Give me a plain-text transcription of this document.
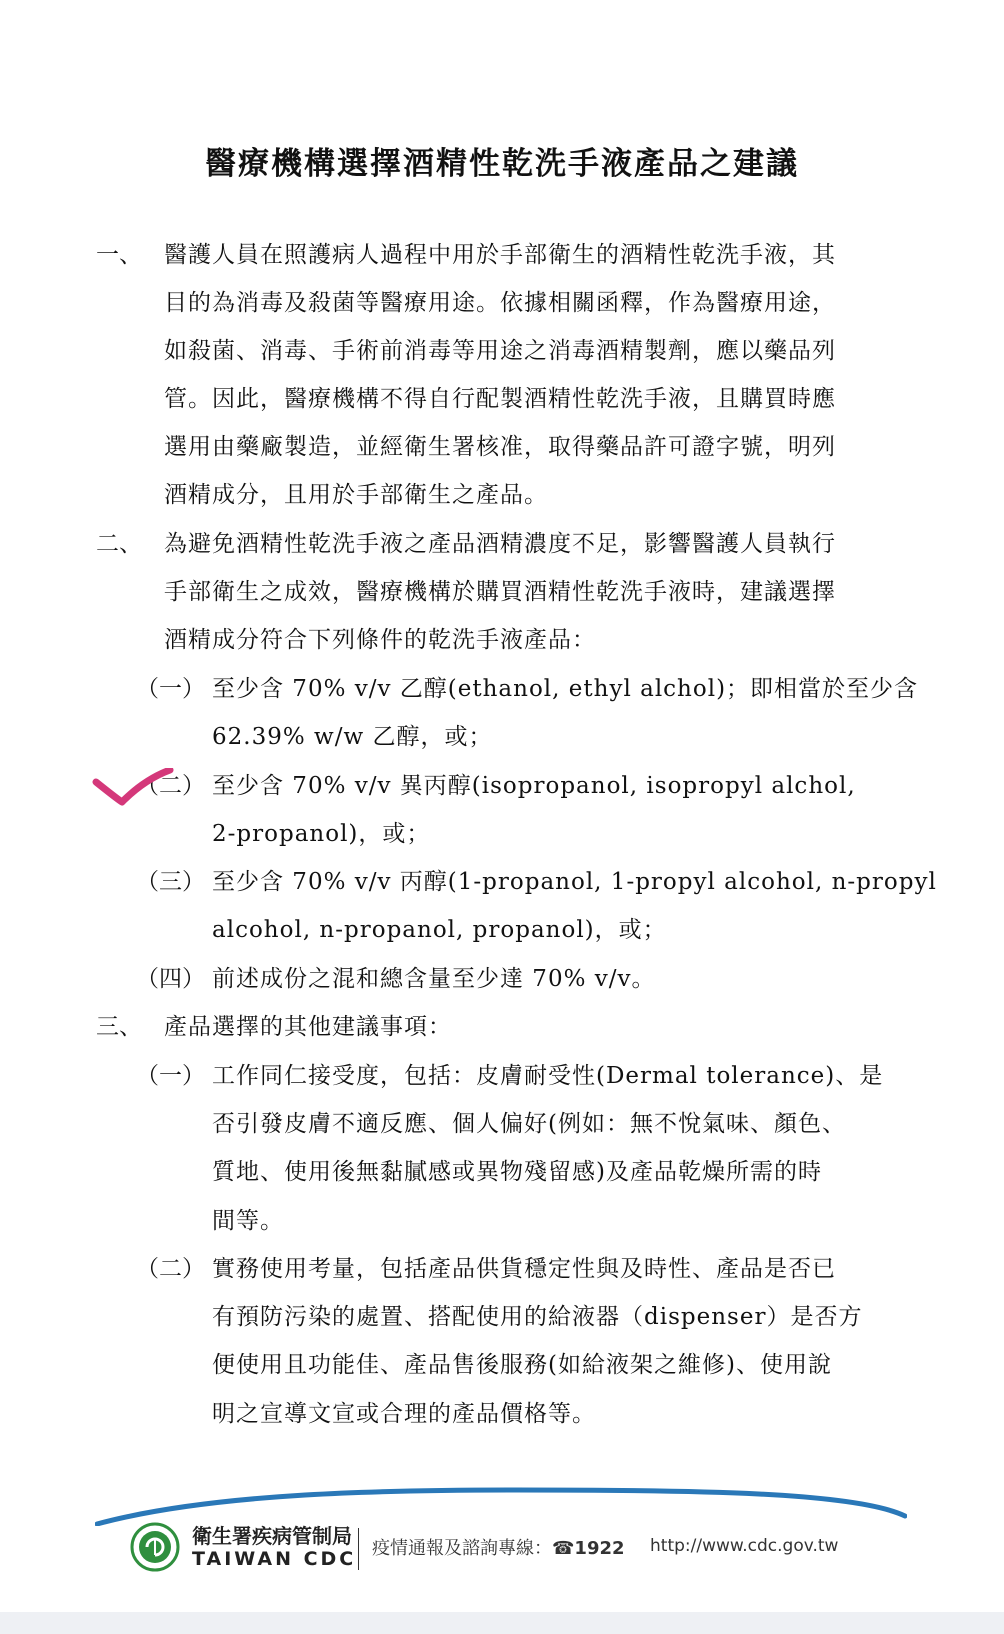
醫療機構選擇酒精性乾洗手液產品之建議
一、 醫護人員在照護病人過程中用於手部衛生的酒精性乾洗手液，其
目的為消毒及殺菌等醫療用途。依據相關函釋，作為醫療用途，
如殺菌、消毒、手術前消毒等用途之消毒酒精製劑，應以藥品列
管。因此，醫療機構不得自行配製酒精性乾洗手液，且購買時應
選用由藥廠製造，並經衛生署核准，取得藥品許可證字號，明列
酒精成分，且用於手部衛生之產品。
二、 為避免酒精性乾洗手液之產品酒精濃度不足，影響醫護人員執行
手部衛生之成效，醫療機構於購買酒精性乾洗手液時，建議選擇
酒精成分符合下列條件的乾洗手液產品：
（一） 至少含 70% v/v 乙醇(ethanol, ethyl alchol)；即相當於至少含
62.39% w/w 乙醇，或；
（二） 至少含 70% v/v 異丙醇(isopropanol, isopropyl alchol,
2-propanol)，或；
（三） 至少含 70% v/v 丙醇(1-propanol, 1-propyl alcohol, n-propyl
alcohol, n-propanol, propanol)，或；
（四） 前述成份之混和總含量至少達 70% v/v。
三、 產品選擇的其他建議事項：
（一） 工作同仁接受度，包括：皮膚耐受性(Dermal tolerance)、是
否引發皮膚不適反應、個人偏好(例如：無不悅氣味、顏色、
質地、使用後無黏膩感或異物殘留感)及產品乾燥所需的時
間等。
（二） 實務使用考量，包括產品供貨穩定性與及時性、產品是否已
有預防污染的處置、搭配使用的給液器（dispenser）是否方
便使用且功能佳、產品售後服務(如給液架之維修)、使用說
明之宣導文宣或合理的產品價格等。
衛生署疾病管制局
TAIWAN CDC 疫情通報及諮詢專線：☎1922 http://www.cdc.gov.tw
